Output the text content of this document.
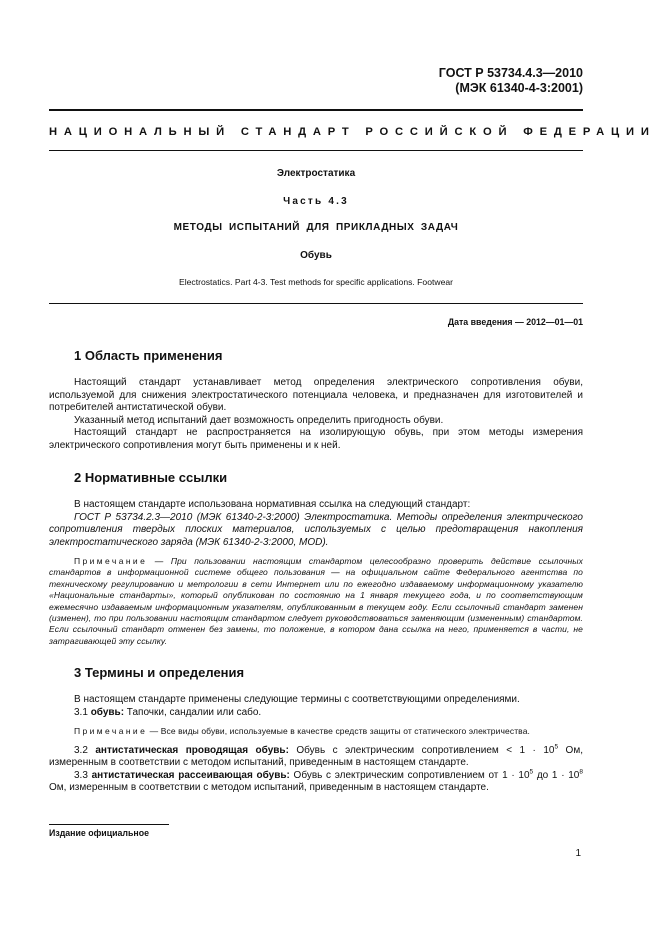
ГОСТ Р 53734.4.3—2010
(МЭК 61340-4-3:2001)
НАЦИОНАЛЬНЫЙ СТАНДАРТ РОССИЙСКОЙ ФЕДЕРАЦИИ
Электростатика
Часть 4.3
МЕТОДЫ ИСПЫТАНИЙ ДЛЯ ПРИКЛАДНЫХ ЗАДАЧ
Обувь
Electrostatics. Part 4-3. Test methods for specific applications. Footwear
Дата введения — 2012—01—01
1 Область применения

Настоящий стандарт устанавливает метод определения электрического сопротивления обуви, используемой для снижения электростатического потенциала человека, и предназначен для изготовителей и потребителей антистатической обуви.

Указанный метод испытаний дает возможность определить пригодность обуви.

Настоящий стандарт не распространяется на изолирующую обувь, при этом методы измерения электрического сопротивления могут быть применены и к ней.

2 Нормативные ссылки

В настоящем стандарте использована нормативная ссылка на следующий стандарт:

ГОСТ Р 53734.2.3—2010 (МЭК 61340-2-3:2000) Электростатика. Методы определения электрического сопротивления твердых плоских материалов, используемых с целью предотвращения накопления электростатического заряда (МЭК 61340-2-3:2000, MOD).

Примечание — При пользовании настоящим стандартом целесообразно проверить действие ссылочных стандартов в информационной системе общего пользования — на официальном сайте Федерального агентства по техническому регулированию и метрологии в сети Интернет или по ежегодно издаваемому информационному указателю «Национальные стандарты», который опубликован по состоянию на 1 января текущего года, и по соответствующим ежемесячно издаваемым информационным указателям, опубликованным в текущем году. Если ссылочный стандарт заменен (изменен), то при пользовании настоящим стандартом следует руководствоваться заменяющим (измененным) стандартом. Если ссылочный стандарт отменен без замены, то положение, в котором дана ссылка на него, применяется в части, не затрагивающей эту ссылку.

3 Термины и определения

В настоящем стандарте применены следующие термины с соответствующими определениями.

3.1 обувь: Тапочки, сандалии или сабо.

Примечание — Все виды обуви, используемые в качестве средств защиты от статического электричества.

3.2 антистатическая проводящая обувь: Обувь с электрическим сопротивлением < $1 \cdot 10^5$ Ом, измеренным в соответствии с методом испытаний, приведенным в настоящем стандарте.

3.3 антистатическая рассеивающая обувь: Обувь с электрическим сопротивлением от $1 \cdot 10^5$ до $1 \cdot 10^8$ Ом, измеренным в соответствии с методом испытаний, приведенным в настоящем стандарте.

Издание официальное
1
